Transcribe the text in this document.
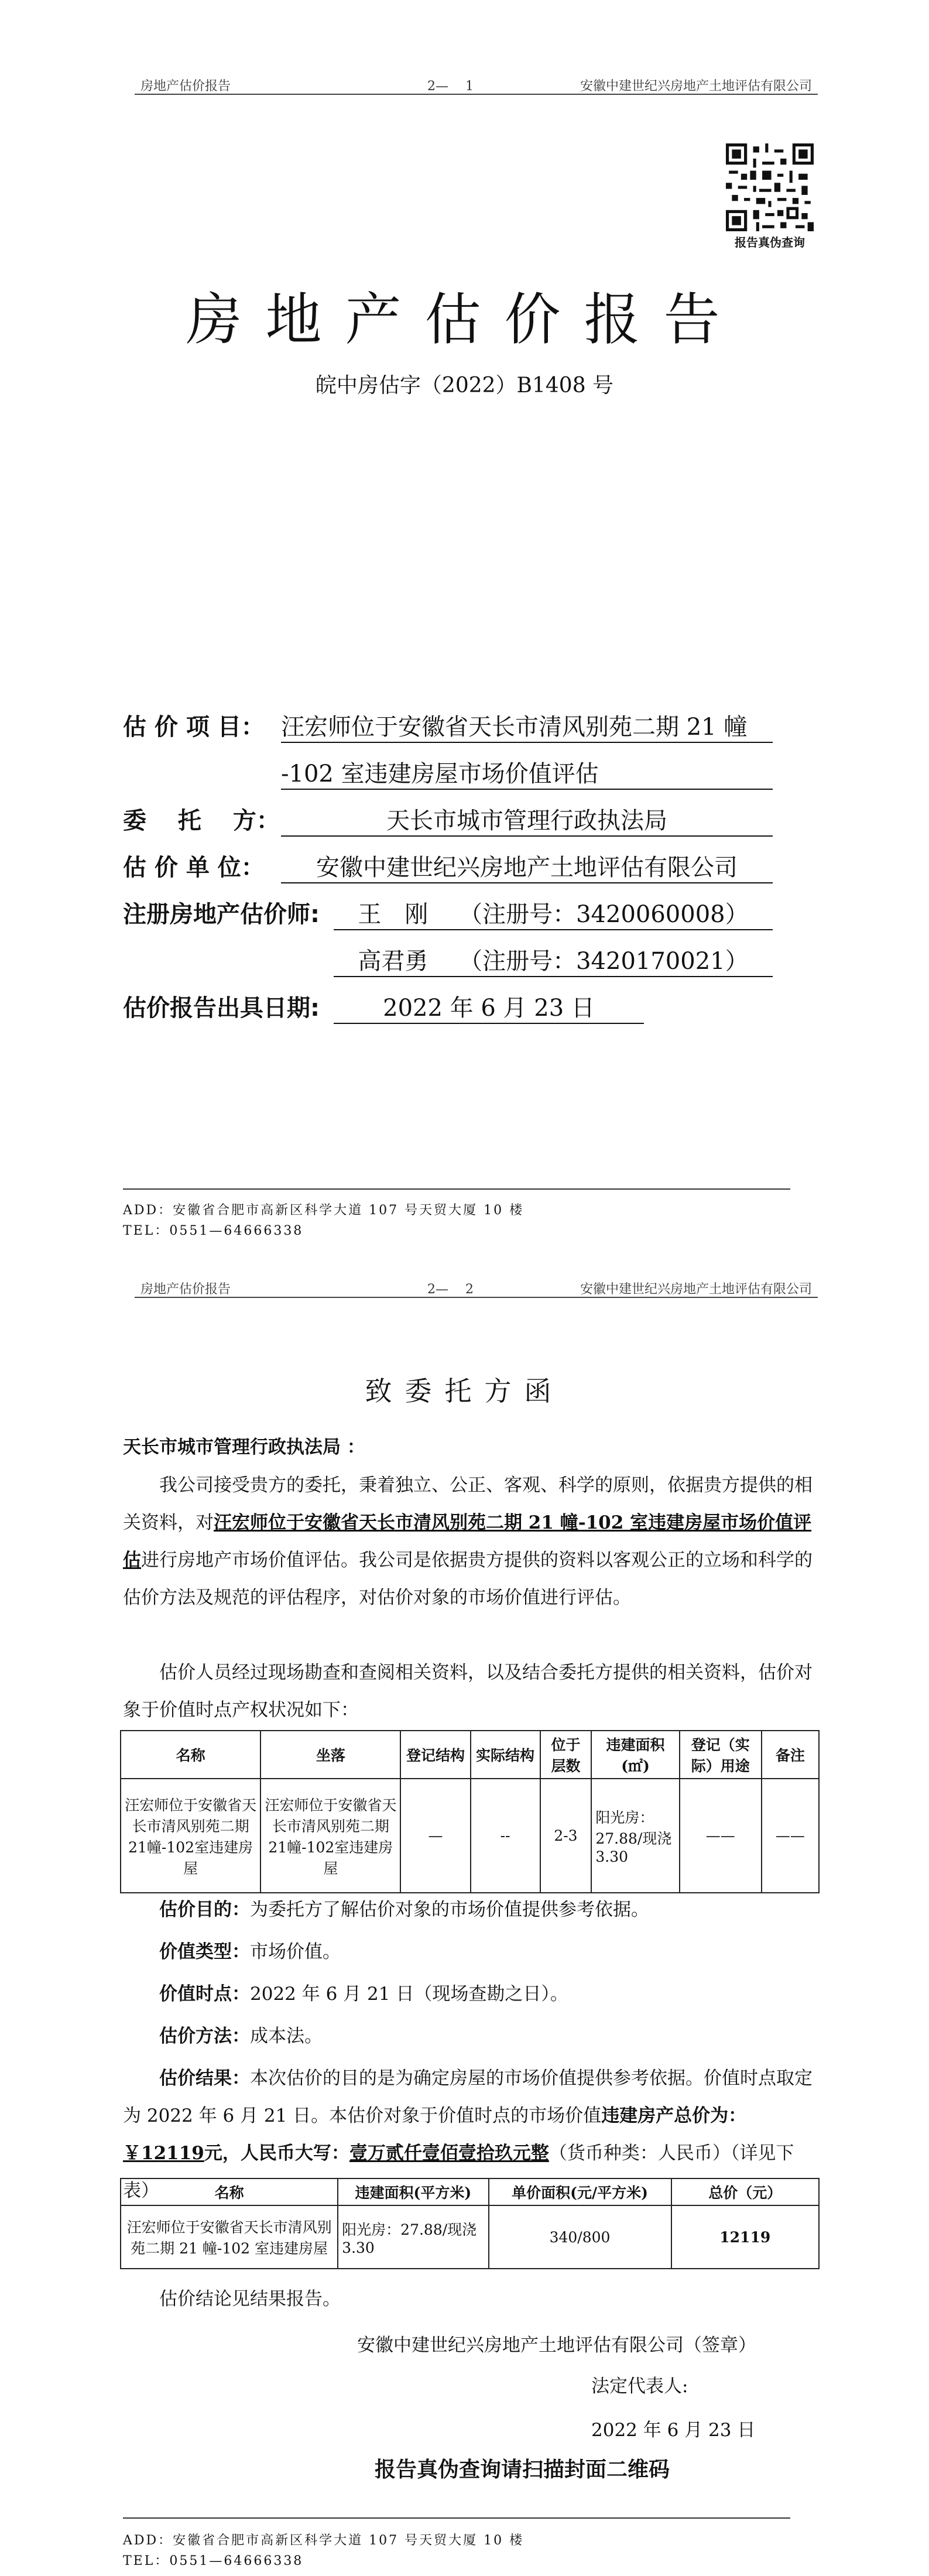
房地产估价报告	2—　 1	安徽中建世纪兴房地产土地评估有限公司
报告真伪查询
房地产估价报告
皖中房估字（2022）B1408 号
估 价 项 目： 汪宏师位于安徽省天长市清风别苑二期 21 幢
-102 室违建房屋市场价值评估
委　 托　 方：	天长市城市管理行政执法局
估 价 单 位： 安徽中建世纪兴房地产土地评估有限公司
注册房地产估价师: 王　刚　 （注册号：3420060008）
高君勇　 （注册号：3420170021）
估价报告出具日期:	2022 年 6 月 23 日
ADD：安徽省合肥市高新区科学大道 107 号天贸大厦 10 楼
TEL：0551—64666338
房地产估价报告	2—　 2	安徽中建世纪兴房地产土地评估有限公司
致委托方函
天长市城市管理行政执法局 ：
我公司接受贵方的委托，秉着独立、公正、客观、科学的原则，依据贵方提供的相关资料，对汪宏师位于安徽省天长市清风别苑二期 21 幢-102 室违建房屋市场价值评估进行房地产市场价值评估。我公司是依据贵方提供的资料以客观公正的立场和科学的估价方法及规范的评估程序，对估价对象的市场价值进行评估。
估价人员经过现场勘查和查阅相关资料，以及结合委托方提供的相关资料，估价对象于价值时点产权状况如下：
名称	坐落	登记结构	实际结构	位于层数	违建面积(㎡)	登记（实际）用途	备注
汪宏师位于安徽省天长市清风别苑二期21幢-102室违建房屋	汪宏师位于安徽省天长市清风别苑二期21幢-102室违建房屋	—	--	2-3	阳光房：27.88/现浇 3.30	——	——
估价目的：为委托方了解估价对象的市场价值提供参考依据。
价值类型：市场价值。
价值时点：2022 年 6 月 21 日（现场查勘之日）。
估价方法：成本法。
估价结果：本次估价的目的是为确定房屋的市场价值提供参考依据。价值时点取定为 2022 年 6 月 21 日。本估价对象于价值时点的市场价值违建房产总价为：￥12119元，人民币大写：壹万贰仟壹佰壹拾玖元整（货币种类：人民币）（详见下表）	名称	违建面积(平方米)	单价面积(元/平方米)	总价（元）
汪宏师位于安徽省天长市清风别苑二期 21 幢-102 室违建房屋	阳光房：27.88/现浇 3.30	340/800	12119
估价结论见结果报告。
安徽中建世纪兴房地产土地评估有限公司（签章）
法定代表人:
2022 年 6 月 23 日
报告真伪查询请扫描封面二维码
ADD：安徽省合肥市高新区科学大道 107 号天贸大厦 10 楼
TEL：0551—64666338
